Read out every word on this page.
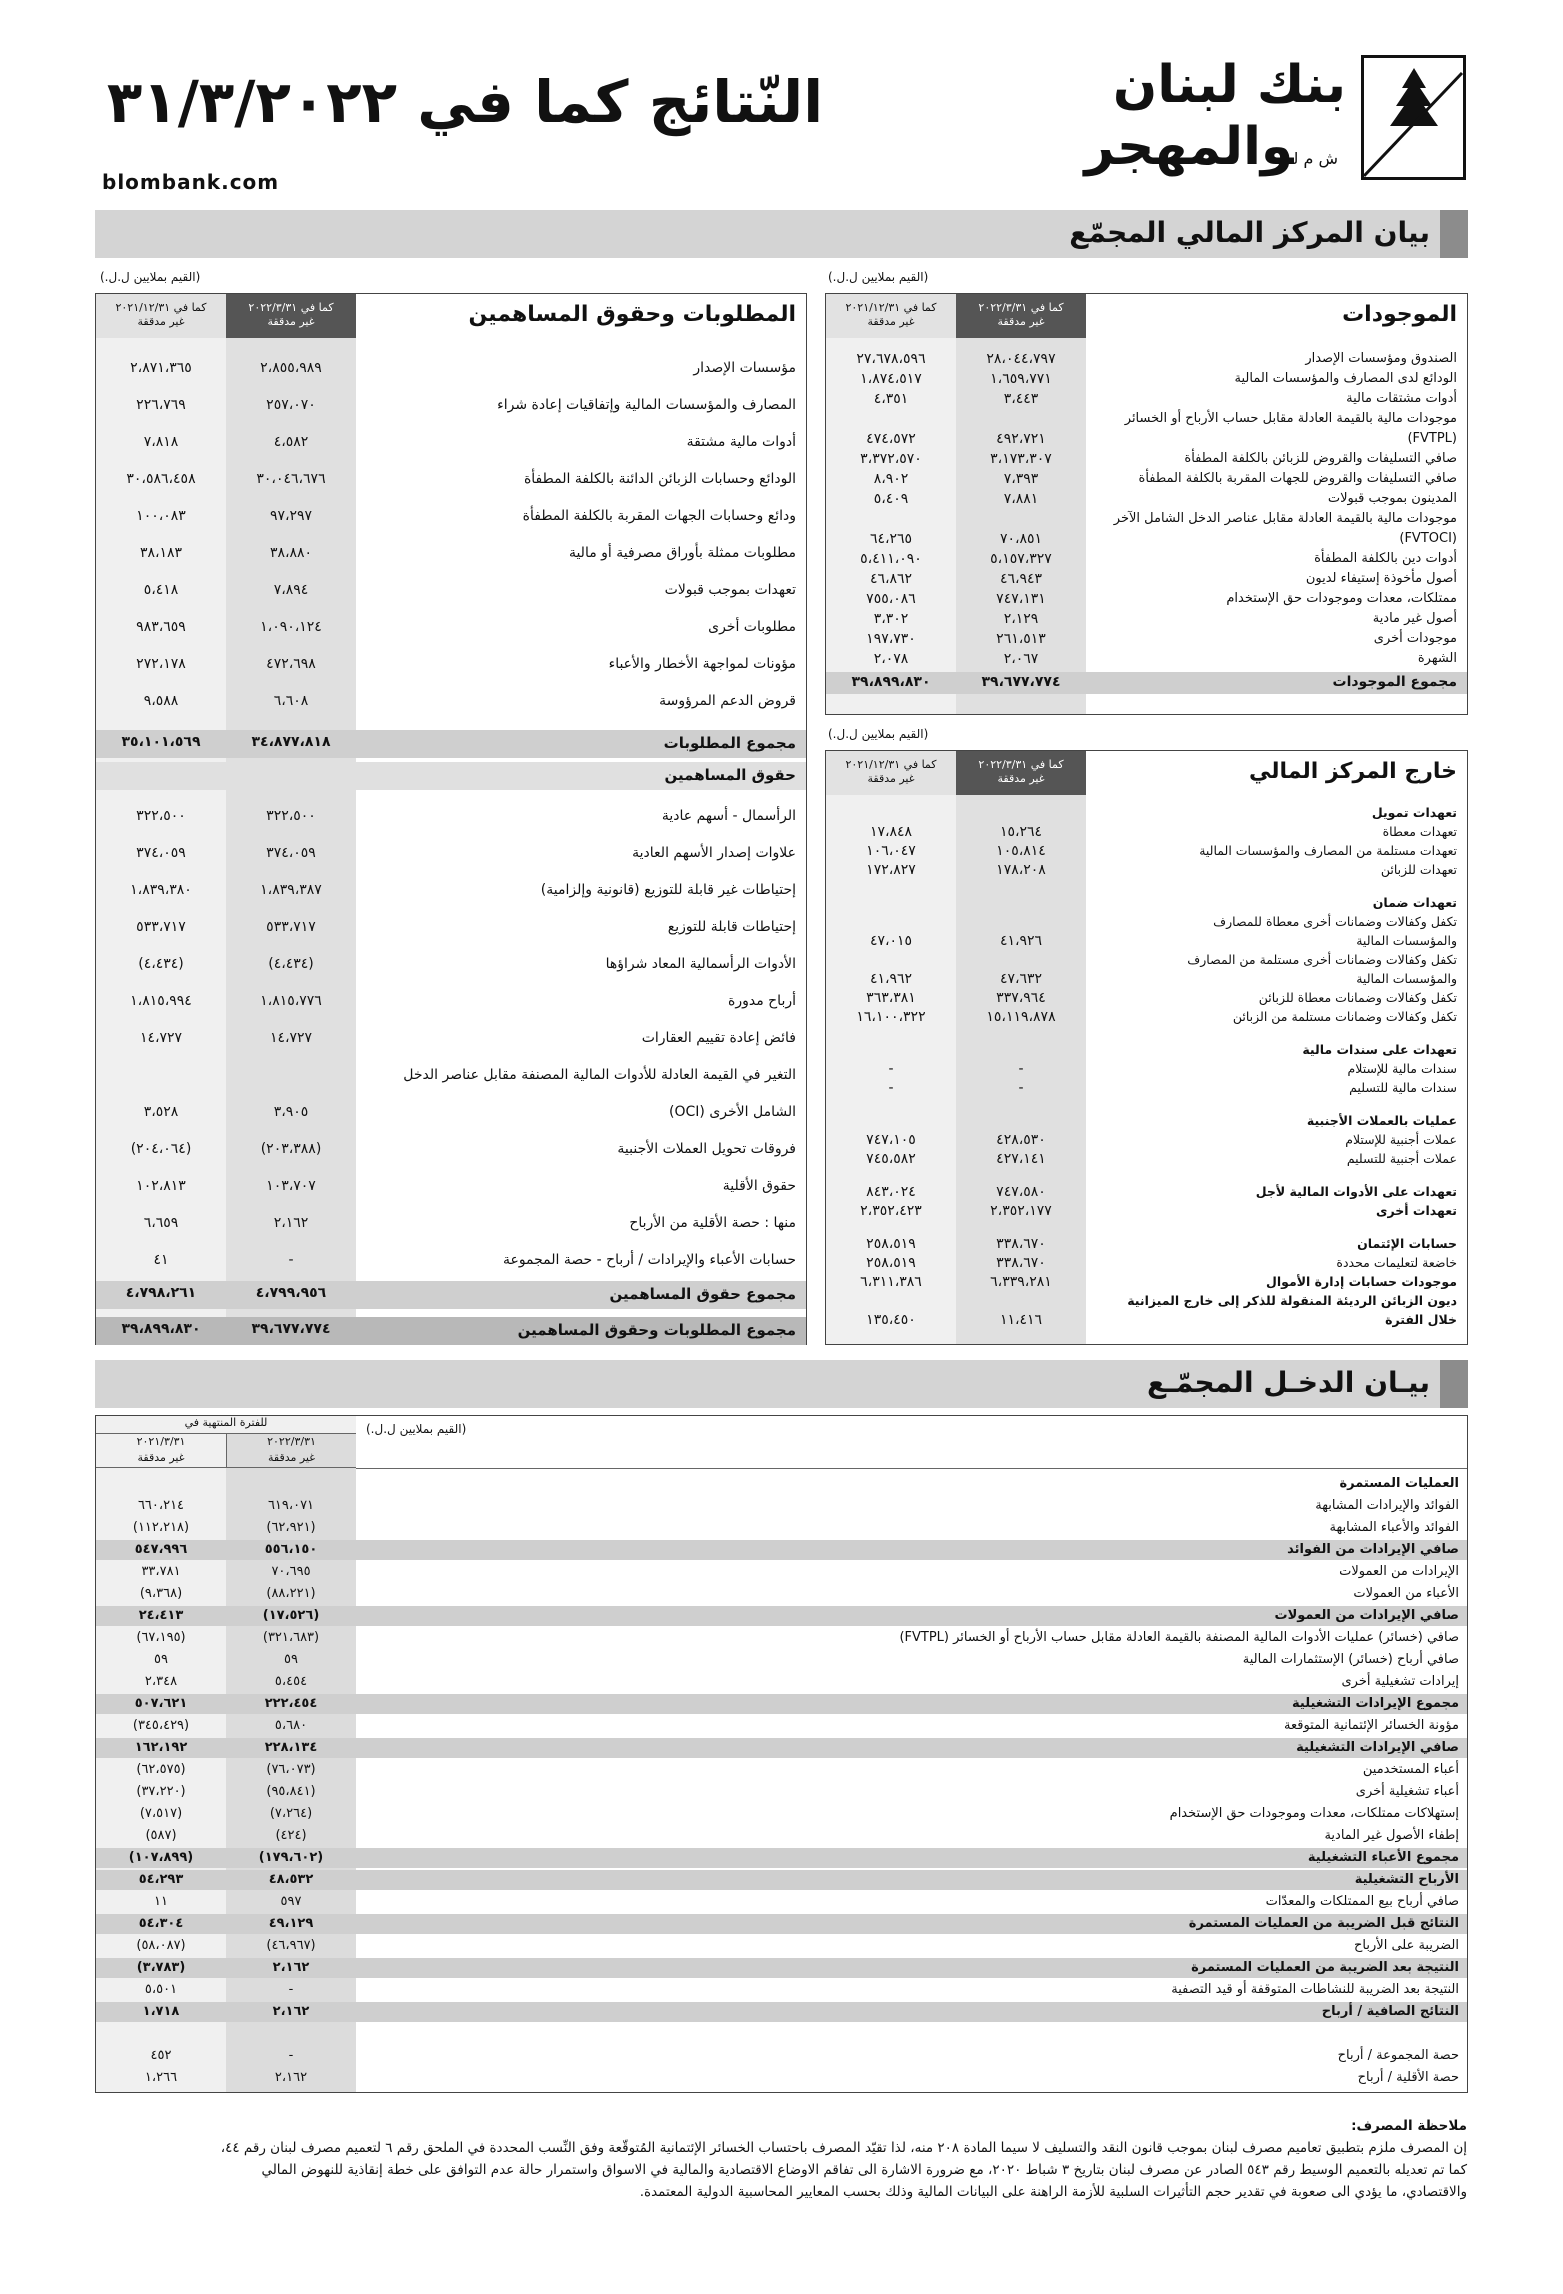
النّتائج كما في ٣١/٣/٢٠٢٢
blombank.com
بنك لبنان
ش م لوالمهجر
بيان المركز المالي المجمّع
(القيم بملايين ل.ل.)	(القيم بملايين ل.ل.)
(القيم بملايين ل.ل.)
الموجودات
كما في ٢٠٢٢/٣/٣١
غير مدققة
كما في ٢٠٢١/١٢/٣١
غير مدققة
الصندوق ومؤسسات الإصدار
٢٨،٠٤٤،٧٩٧
٢٧،٦٧٨،٥٩٦
الودائع لدى المصارف والمؤسسات المالية
١،٦٥٩،٧٧١
١،٨٧٤،٥١٧
أدوات مشتقات مالية
٣،٤٤٣
٤،٣٥١
موجودات مالية بالقيمة العادلة مقابل حساب الأرباح أو الخسائر
(FVTPL)
٤٩٢،٧٢١
٤٧٤،٥٧٢
صافي التسليفات والقروض للزبائن بالكلفة المطفأة
٣،١٧٣،٣٠٧
٣،٣٧٢،٥٧٠
صافي التسليفات والقروض للجهات المقربة بالكلفة المطفأة
٧،٣٩٣
٨،٩٠٢
المدينون بموجب قبولات
٧،٨٨١
٥،٤٠٩
موجودات مالية بالقيمة العادلة مقابل عناصر الدخل الشامل الآخر
(FVTOCI)
٧٠،٨٥١
٦٤،٢٦٥
أدوات دين بالكلفة المطفأة
٥،١٥٧،٣٢٧
٥،٤١١،٠٩٠
أصول مأخوذة إستيفاء لديون
٤٦،٩٤٣
٤٦،٨٦٢
ممتلكات، معدات وموجودات حق الإستخدام
٧٤٧،١٣١
٧٥٥،٠٨٦
أصول غير مادية
٢،١٢٩
٣،٣٠٢
موجودات أخرى
٢٦١،٥١٣
١٩٧،٧٣٠
الشهرة
٢،٠٦٧
٢،٠٧٨
مجموع الموجودات
٣٩،٦٧٧،٧٧٤
٣٩،٨٩٩،٨٣٠
خارج المركز المالي
كما في ٢٠٢٢/٣/٣١
غير مدققة
كما في ٢٠٢١/١٢/٣١
غير مدققة
تعهدات تمويل
تعهدات معطاة
١٥،٢٦٤
١٧،٨٤٨
تعهدات مستلمة من المصارف والمؤسسات المالية
١٠٥،٨١٤
١٠٦،٠٤٧
تعهدات للزبائن
١٧٨،٢٠٨
١٧٢،٨٢٧
تعهدات ضمان
تكفل وكفالات وضمانات أخرى معطاة للمصارف
والمؤسسات المالية
٤١،٩٢٦
٤٧،٠١٥
تكفل وكفالات وضمانات أخرى مستلمة من المصارف
والمؤسسات المالية
٤٧،٦٣٢
٤١،٩٦٢
تكفل وكفالات وضمانات معطاة للزبائن
٣٣٧،٩٦٤
٣٦٣،٣٨١
تكفل وكفالات وضمانات مستلمة من الزبائن
١٥،١١٩،٨٧٨
١٦،١٠٠،٣٢٢
تعهدات على سندات مالية
سندات مالية للإستلام
-
-
سندات مالية للتسليم
-
-
عمليات بالعملات الأجنبية
عملات أجنبية للإستلام
٤٢٨،٥٣٠
٧٤٧،١٠٥
عملات أجنبية للتسليم
٤٢٧،١٤١
٧٤٥،٥٨٢
تعهدات على الأدوات المالية لأجل
٧٤٧،٥٨٠
٨٤٣،٠٢٤
تعهدات أخرى
٢،٣٥٢،١٧٧
٢،٣٥٢،٤٢٣
حسابات الإئتمان
٣٣٨،٦٧٠
٢٥٨،٥١٩
خاضعة لتعليمات محددة
٣٣٨،٦٧٠
٢٥٨،٥١٩
موجودات حسابات إدارة الأموال
٦،٣٣٩،٢٨١
٦،٣١١،٣٨٦
ديون الزبائن الرديئة المنقولة للذكر إلى خارج الميزانية
خلال الفترة
١١،٤١٦
١٣٥،٤٥٠
المطلوبات وحقوق المساهمين
كما في ٢٠٢٢/٣/٣١
غير مدققة
كما في ٢٠٢١/١٢/٣١
غير مدققة
مؤسسات الإصدار
٢،٨٥٥،٩٨٩
٢،٨٧١،٣٦٥
المصارف والمؤسسات المالية وإتفاقيات إعادة شراء
٢٥٧،٠٧٠
٢٢٦،٧٦٩
أدوات مالية مشتقة
٤،٥٨٢
٧،٨١٨
الودائع وحسابات الزبائن الدائنة بالكلفة المطفأة
٣٠،٠٤٦،٦٧٦
٣٠،٥٨٦،٤٥٨
ودائع وحسابات الجهات المقربة بالكلفة المطفأة
٩٧،٢٩٧
١٠٠،٠٨٣
مطلوبات ممثلة بأوراق مصرفية أو مالية
٣٨،٨٨٠
٣٨،١٨٣
تعهدات بموجب قبولات
٧،٨٩٤
٥،٤١٨
مطلوبات أخرى
١،٠٩٠،١٢٤
٩٨٣،٦٥٩
مؤونات لمواجهة الأخطار والأعباء
٤٧٢،٦٩٨
٢٧٢،١٧٨
قروض الدعم المرؤوسة
٦،٦٠٨
٩،٥٨٨
مجموع المطلوبات
٣٤،٨٧٧،٨١٨
٣٥،١٠١،٥٦٩
حقوق المساهمين
الرأسمال - أسهم عادية
٣٢٢،٥٠٠
٣٢٢،٥٠٠
علاوات إصدار الأسهم العادية
٣٧٤،٠٥٩
٣٧٤،٠٥٩
إحتياطات غير قابلة للتوزيع (قانونية وإلزامية)
١،٨٣٩،٣٨٧
١،٨٣٩،٣٨٠
إحتياطات قابلة للتوزيع
٥٣٣،٧١٧
٥٣٣،٧١٧
الأدوات الرأسمالية المعاد شراؤها
(٤،٤٣٤)
(٤،٤٣٤)
أرباح مدورة
١،٨١٥،٧٧٦
١،٨١٥،٩٩٤
فائض إعادة تقييم العقارات
١٤،٧٢٧
١٤،٧٢٧
التغير في القيمة العادلة للأدوات المالية المصنفة مقابل عناصر الدخل
الشامل الأخرى (OCI)
٣،٩٠٥
٣،٥٢٨
فروقات تحويل العملات الأجنبية
(٢٠٣،٣٨٨)
(٢٠٤،٠٦٤)
حقوق الأقلية
١٠٣،٧٠٧
١٠٢،٨١٣
منها : حصة الأقلية من الأرباح
٢،١٦٢
٦،٦٥٩
حسابات الأعباء والإيرادات / أرباح - حصة المجموعة
-
٤١
مجموع حقوق المساهمين
٤،٧٩٩،٩٥٦
٤،٧٩٨،٢٦١
مجموع المطلوبات وحقوق المساهمين
٣٩،٦٧٧،٧٧٤
٣٩،٨٩٩،٨٣٠
بيـان الدخـل المجمّـع
للفترة المنتهية في
٢٠٢٢/٣/٣١
غير مدققة
٢٠٢١/٣/٣١
غير مدققة
(القيم بملايين ل.ل.)
العمليات المستمرة
الفوائد والإيرادات المشابهة
٦١٩،٠٧١
٦٦٠،٢١٤
الفوائد والأعباء المشابهة
(٦٢،٩٢١)
(١١٢،٢١٨)
صافي الإيرادات من الفوائد
٥٥٦،١٥٠
٥٤٧،٩٩٦
الإيرادات من العمولات
٧٠،٦٩٥
٣٣،٧٨١
الأعباء من العمولات
(٨٨،٢٢١)
(٩،٣٦٨)
صافي الإيرادات من العمولات
(١٧،٥٢٦)
٢٤،٤١٣
صافي (خسائر) عمليات الأدوات المالية المصنفة بالقيمة العادلة مقابل حساب الأرباح أو الخسائر (FVTPL)
(٣٢١،٦٨٣)
(٦٧،١٩٥)
صافي أرباح (خسائر) الإستثمارات المالية
٥٩
٥٩
إيرادات تشغيلية أخرى
٥،٤٥٤
٢،٣٤٨
مجموع الإيرادات التشغيلية
٢٢٢،٤٥٤
٥٠٧،٦٢١
مؤونة الخسائر الإئتمانية المتوقعة
٥،٦٨٠
(٣٤٥،٤٢٩)
صافي الإيرادات التشغيلية
٢٢٨،١٣٤
١٦٢،١٩٢
أعباء المستخدمين
(٧٦،٠٧٣)
(٦٢،٥٧٥)
أعباء تشغيلية أخرى
(٩٥،٨٤١)
(٣٧،٢٢٠)
إستهلاكات ممتلكات، معدات وموجودات حق الإستخدام
(٧،٢٦٤)
(٧،٥١٧)
إطفاء الأصول غير المادية
(٤٢٤)
(٥٨٧)
مجموع الأعباء التشغيلية
(١٧٩،٦٠٢)
(١٠٧،٨٩٩)
الأرباح التشغيلية
٤٨،٥٣٢
٥٤،٢٩٣
صافي أرباح بيع الممتلكات والمعدّات
٥٩٧
١١
النتائج قبل الضريبة من العمليات المستمرة
٤٩،١٢٩
٥٤،٣٠٤
الضريبة على الأرباح
(٤٦،٩٦٧)
(٥٨،٠٨٧)
النتيجة بعد الضريبة من العمليات المستمرة
٢،١٦٢
(٣،٧٨٣)
النتيجة بعد الضريبة للنشاطات المتوقفة أو قيد التصفية
-
٥،٥٠١
النتائج الصافية / أرباح
٢،١٦٢
١،٧١٨
حصة المجموعة / أرباح
-
٤٥٢
حصة الأقلية / أرباح
٢،١٦٢
١،٢٦٦
ملاحظة المصرف:
إن المصرف ملزم بتطبيق تعاميم مصرف لبنان بموجب قانون النقد والتسليف لا سيما المادة ٢٠٨ منه، لذا تقيّد المصرف باحتساب الخسائر الإئتمانية المُتوقّعة وفق النِّسب المحددة في الملحق رقم ٦ لتعميم مصرف لبنان رقم ٤٤،
كما تم تعديله بالتعميم الوسيط رقم ٥٤٣ الصادر عن مصرف لبنان بتاريخ ٣ شباط ٢٠٢٠، مع ضرورة الاشارة الى تفاقم الاوضاع الاقتصادية والمالية في الاسواق واستمرار حالة عدم التوافق على خطة إنقاذية للنهوض المالي
والاقتصادي، ما يؤدي الى صعوبة في تقدير حجم التأثيرات السلبية للأزمة الراهنة على البيانات المالية وذلك بحسب المعايير المحاسبية الدولية المعتمدة.
